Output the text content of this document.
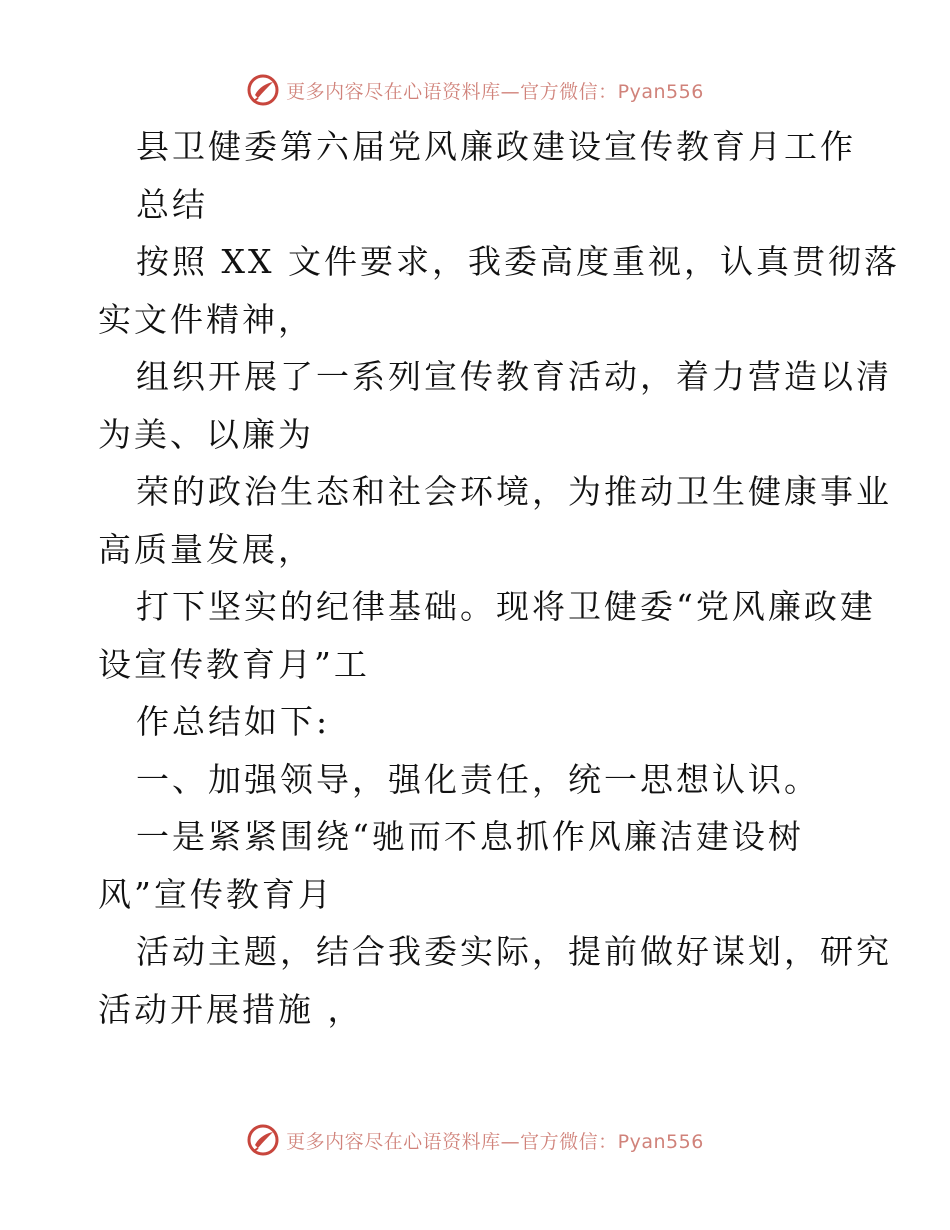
更多内容尽在心语资料库—官方微信：Pyan556
县卫健委第六届党风廉政建设宣传教育月工作
总结
按照 XX 文件要求，我委高度重视，认真贯彻落
实文件精神，
组织开展了一系列宣传教育活动，着力营造以清
为美、以廉为
荣的政治生态和社会环境，为推动卫生健康事业
高质量发展，
打下坚实的纪律基础。现将卫健委“党风廉政建
设宣传教育月”工
作总结如下:
一、加强领导，强化责任，统一思想认识。
一是紧紧围绕“驰而不息抓作风廉洁建设树
风”宣传教育月
活动主题，结合我委实际，提前做好谋划，研究
活动开展措施 ，
更多内容尽在心语资料库—官方微信：Pyan556
